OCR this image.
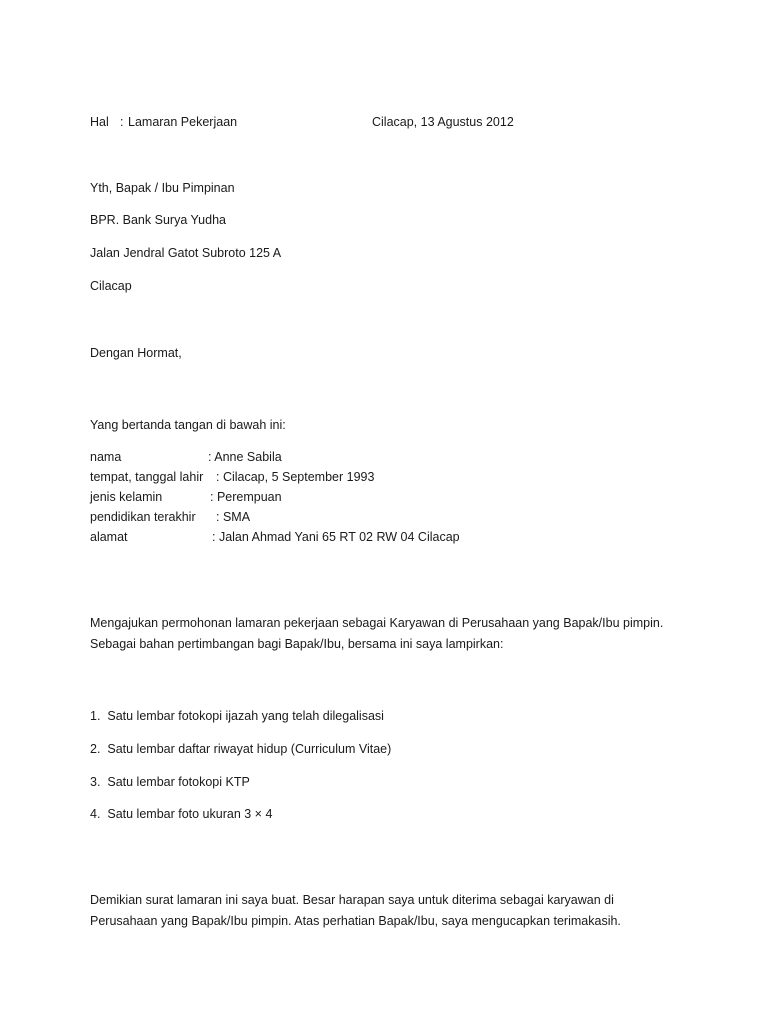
Hal : Lamaran Pekerjaan	Cilacap, 13 Agustus 2012
Yth, Bapak / Ibu Pimpinan
BPR. Bank Surya Yudha
Jalan Jendral Gatot Subroto 125 A
Cilacap
Dengan Hormat,
Yang bertanda tangan di bawah ini:
nama	: Anne Sabila
tempat, tanggal lahir : Cilacap, 5 September 1993
jenis kelamin	: Perempuan
pendidikan terakhir : SMA
alamat	: Jalan Ahmad Yani 65 RT 02 RW 04 Cilacap
Mengajukan permohonan lamaran pekerjaan sebagai Karyawan di Perusahaan yang Bapak/Ibu pimpin.
Sebagai bahan pertimbangan bagi Bapak/Ibu, bersama ini saya lampirkan:
1.  Satu lembar fotokopi ijazah yang telah dilegalisasi
2.  Satu lembar daftar riwayat hidup (Curriculum Vitae)
3.  Satu lembar fotokopi KTP
4.  Satu lembar foto ukuran 3 × 4
Demikian surat lamaran ini saya buat. Besar harapan saya untuk diterima sebagai karyawan di
Perusahaan yang Bapak/Ibu pimpin. Atas perhatian Bapak/Ibu, saya mengucapkan terimakasih.
